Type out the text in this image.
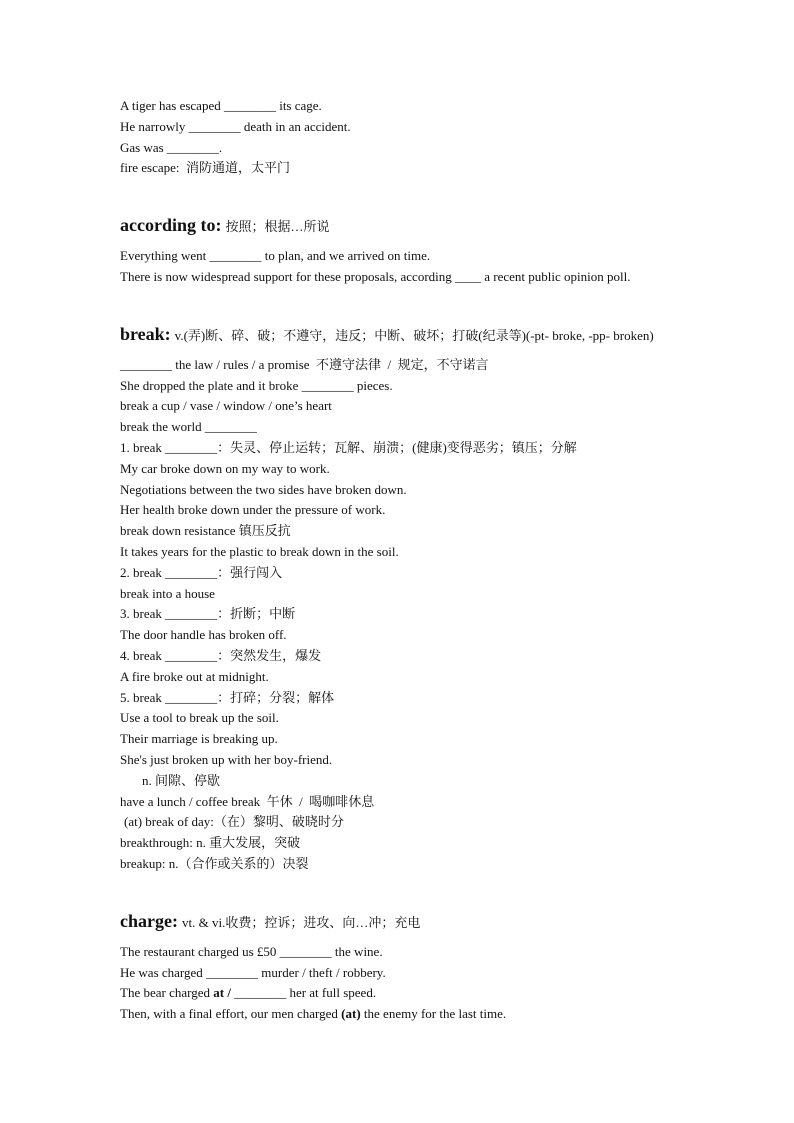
A tiger has escaped ________ its cage.
He narrowly ________ death in an accident.
Gas was ________.
fire escape:  消防通道，太平门
according to: 按照；根据…所说
Everything went ________ to plan, and we arrived on time.
There is now widespread support for these proposals, according ____ a recent public opinion poll.
break: v.(弄)断、碎、破；不遵守，违反；中断、破坏；打破(纪录等)(-pt- broke, -pp- broken)
________ the law / rules / a promise  不遵守法律  /  规定，不守诺言
She dropped the plate and it broke ________ pieces.
break a cup / vase / window / one’s heart
break the world ________
1. break ________：失灵、停止运转；瓦解、崩溃；(健康)变得恶劣；镇压；分解
My car broke down on my way to work.
Negotiations between the two sides have broken down.
Her health broke down under the pressure of work.
break down resistance 镇压反抗
It takes years for the plastic to break down in the soil.
2. break ________：强行闯入
break into a house
3. break ________：折断；中断
The door handle has broken off.
4. break ________：突然发生，爆发
A fire broke out at midnight.
5. break ________：打碎；分裂；解体
Use a tool to break up the soil.
Their marriage is breaking up.
She's just broken up with her boy-friend.
n. 间隙、停歇
have a lunch / coffee break  午休  /  喝咖啡休息
(at) break of day:（在）黎明、破晓时分
breakthrough: n. 重大发展，突破
breakup: n.（合作或关系的）决裂
charge: vt. & vi.收费；控诉；进攻、向…冲；充电
The restaurant charged us £50 ________ the wine.
He was charged ________ murder / theft / robbery.
The bear charged at / ________ her at full speed.
Then, with a final effort, our men charged (at) the enemy for the last time.
